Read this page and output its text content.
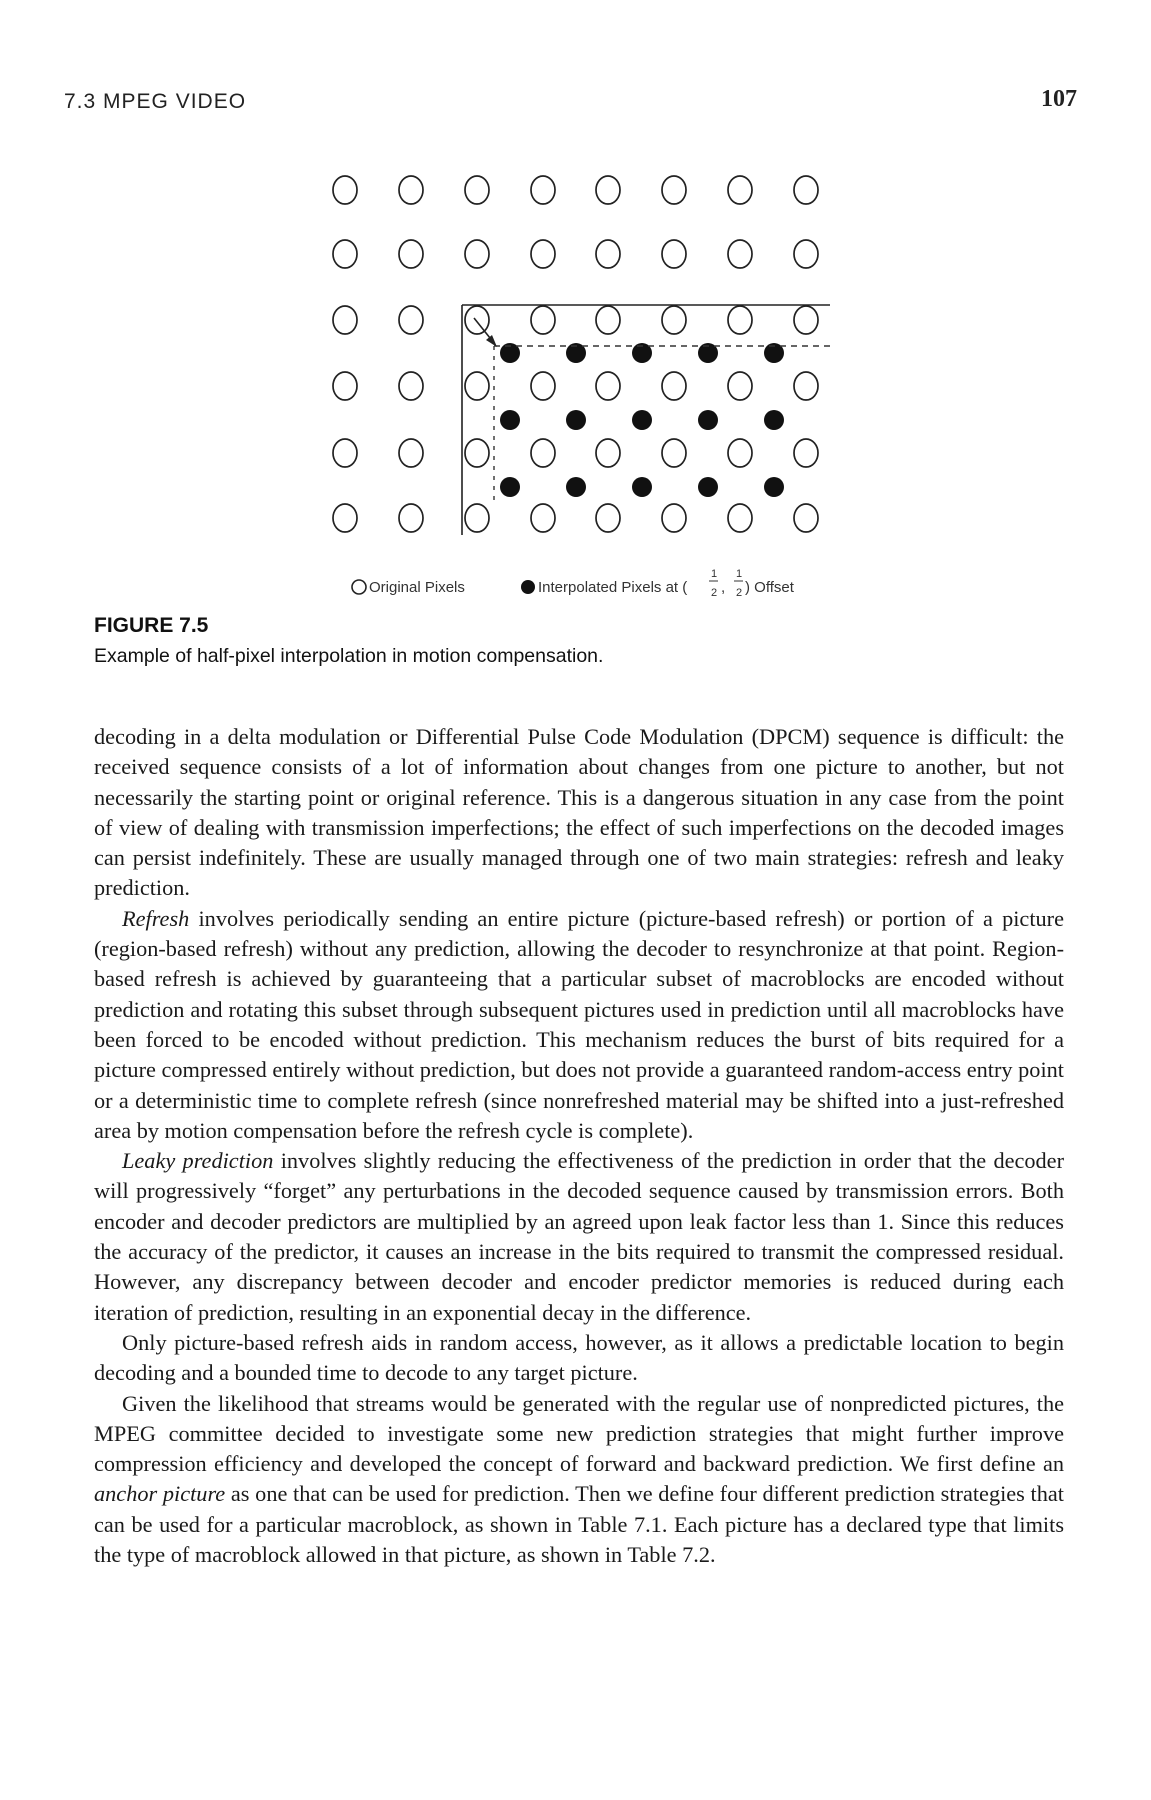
7.3 MPEG VIDEO	107
Original Pixels	Interpolated Pixels at (
1
2 ,
1
2 ) Offset
FIGURE 7.5
Example of half-pixel interpolation in motion compensation.

decoding in a delta modulation or Differential Pulse Code Modulation (DPCM) sequence is difficult: the received sequence consists of a lot of information about changes from one picture to another, but not necessarily the starting point or original reference. This is a dangerous situation in any case from the point of view of dealing with transmission imperfections; the effect of such imperfections on the decoded images can persist indefinitely. These are usually managed through one of two main strategies: refresh and leaky prediction.

Refresh involves periodically sending an entire picture (picture-based refresh) or portion of a picture (region-based refresh) without any prediction, allowing the decoder to resynchronize at that point. Region-based refresh is achieved by guaranteeing that a particular subset of macroblocks are encoded without prediction and rotating this subset through subsequent pictures used in prediction until all macroblocks have been forced to be encoded without prediction. This mechanism reduces the burst of bits required for a picture compressed entirely without prediction, but does not provide a guaranteed random-access entry point or a deterministic time to complete refresh (since nonrefreshed material may be shifted into a just-refreshed area by motion compensation before the refresh cycle is complete).

Leaky prediction involves slightly reducing the effectiveness of the prediction in order that the decoder will progressively “forget” any perturbations in the decoded sequence caused by transmission errors. Both encoder and decoder predictors are multiplied by an agreed upon leak factor less than 1. Since this reduces the accuracy of the predictor, it causes an increase in the bits required to transmit the compressed residual. However, any discrepancy between decoder and encoder predictor memories is reduced during each iteration of prediction, resulting in an exponential decay in the difference.

Only picture-based refresh aids in random access, however, as it allows a predictable location to begin decoding and a bounded time to decode to any target picture.

Given the likelihood that streams would be generated with the regular use of nonpredicted pictures, the MPEG committee decided to investigate some new prediction strategies that might further improve compression efficiency and developed the concept of forward and backward prediction. We first define an anchor picture as one that can be used for prediction. Then we define four different prediction strategies that can be used for a particular macroblock, as shown in Table 7.1. Each picture has a declared type that limits the type of macroblock allowed in that picture, as shown in Table 7.2.
